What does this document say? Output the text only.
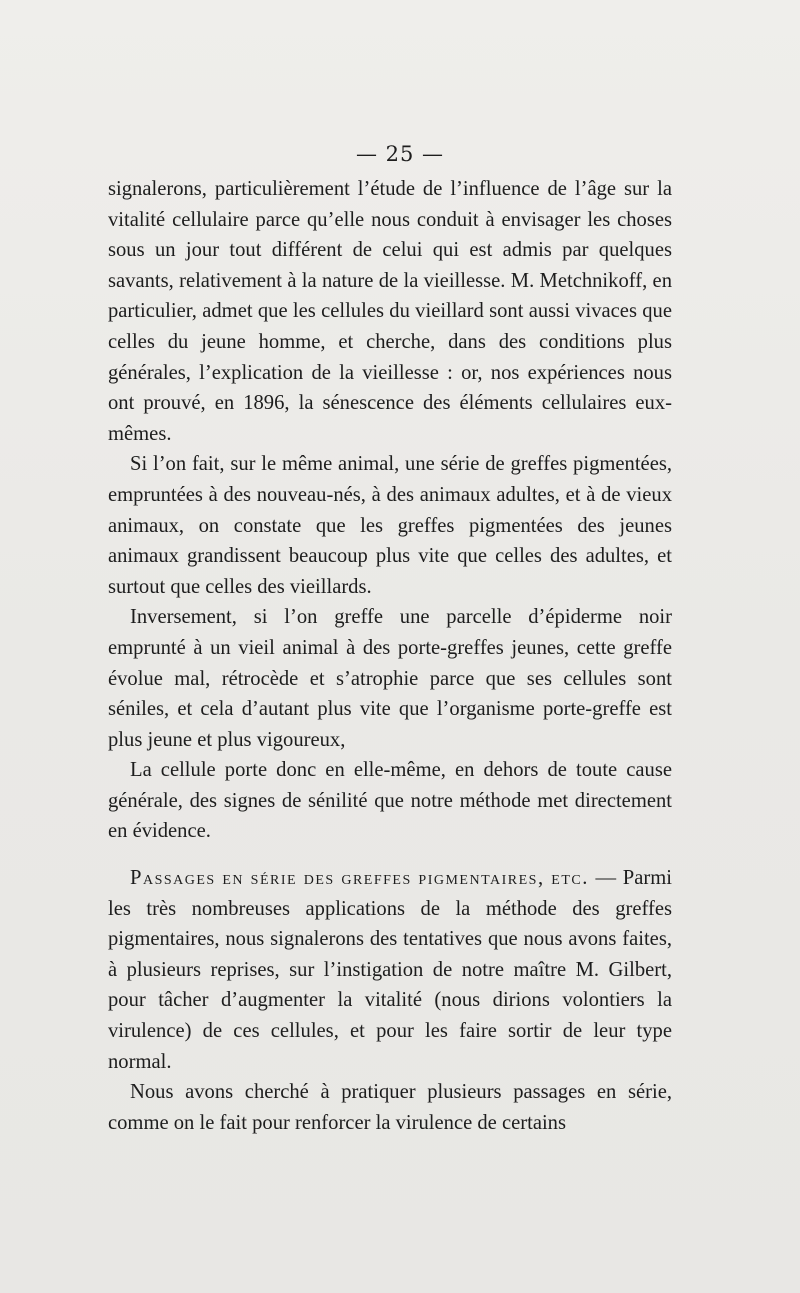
— 25 —

signalerons, particulièrement l’étude de l’influence de l’âge sur la vitalité cellulaire parce qu’elle nous conduit à envisager les choses sous un jour tout différent de celui qui est admis par quelques savants, relativement à la nature de la vieillesse. M. Metchnikoff, en particulier, admet que les cellules du vieillard sont aussi vivaces que celles du jeune homme, et cherche, dans des conditions plus générales, l’explication de la vieillesse : or, nos expériences nous ont prouvé, en 1896, la sénescence des éléments cellulaires eux-mêmes.

Si l’on fait, sur le même animal, une série de greffes pigmentées, empruntées à des nouveau-nés, à des animaux adultes, et à de vieux animaux, on constate que les greffes pigmentées des jeunes animaux grandissent beaucoup plus vite que celles des adultes, et surtout que celles des vieillards.

Inversement, si l’on greffe une parcelle d’épiderme noir emprunté à un vieil animal à des porte-greffes jeunes, cette greffe évolue mal, rétrocède et s’atrophie parce que ses cellules sont séniles, et cela d’autant plus vite que l’organisme porte-greffe est plus jeune et plus vigoureux,

La cellule porte donc en elle-même, en dehors de toute cause générale, des signes de sénilité que notre méthode met directement en évidence.

Passages en série des greffes pigmentaires, etc. — Parmi les très nombreuses applications de la méthode des greffes pigmentaires, nous signalerons des tentatives que nous avons faites, à plusieurs reprises, sur l’instigation de notre maître M. Gilbert, pour tâcher d’augmenter la vitalité (nous dirions volontiers la virulence) de ces cellules, et pour les faire sortir de leur type normal.

Nous avons cherché à pratiquer plusieurs passages en série, comme on le fait pour renforcer la virulence de certains
